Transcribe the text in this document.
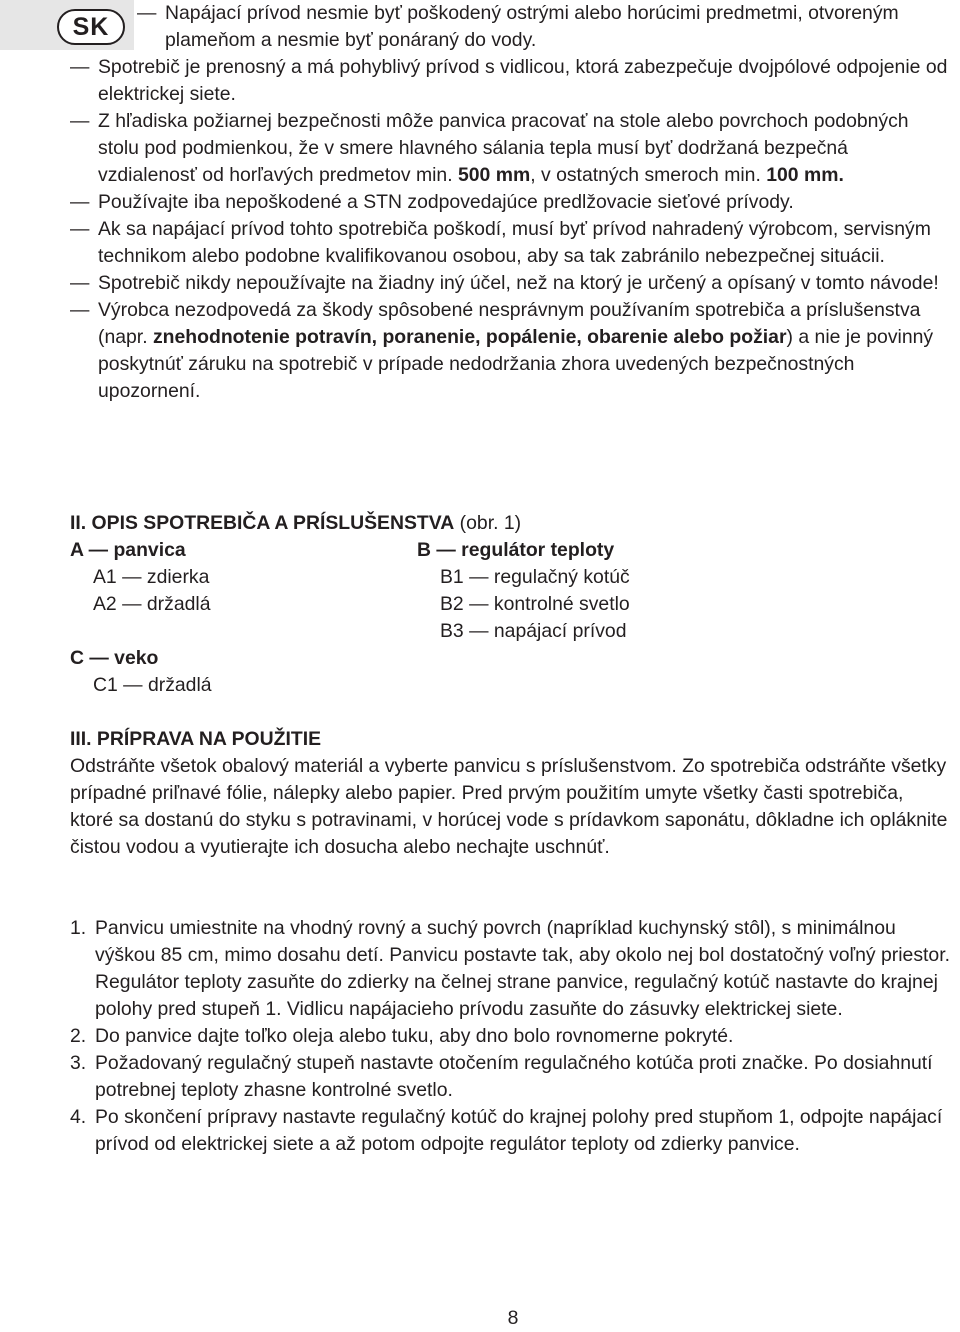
SK
—	Napájací prívod nesmie byť poškodený ostrými alebo horúcimi predmetmi, otvoreným plameňom a nesmie byť ponáraný do vody.
— Spotrebič je prenosný a má pohyblivý prívod s vidlicou, ktorá zabezpečuje dvojpólové odpojenie od elektrickej siete.
— Z hľadiska požiarnej bezpečnosti môže panvica pracovať na stole alebo povrchoch podobných stolu pod podmienkou, že v smere hlavného sálania tepla musí byť dodržaná bezpečná vzdialenosť od horľavých predmetov min. 500 mm, v ostatných smeroch min. 100 mm.
— Používajte iba nepoškodené a STN zodpovedajúce predlžovacie sieťové prívody.
— Ak sa napájací prívod tohto spotrebiča poškodí, musí byť prívod nahradený výrobcom, servisným technikom alebo podobne kvalifikovanou osobou, aby sa tak zabránilo nebezpečnej situácii.
— Spotrebič nikdy nepoužívajte na žiadny iný účel, než na ktorý je určený a opísaný v tomto návode!
— Výrobca nezodpovedá za škody spôsobené nesprávnym používaním spotrebiča a príslušenstva (napr. znehodnotenie potravín, poranenie, popálenie, obarenie alebo požiar) a nie je povinný poskytnúť záruku na spotrebič v prípade nedodržania zhora uvedených bezpečnostných upozornení.
II. OPIS SPOTREBIČA A PRÍSLUŠENSTVA (obr. 1)
A — panvica	B — regulátor teploty
A1 — zdierka	B1 — regulačný kotúč
A2 — držadlá	B2 — kontrolné svetlo
B3 — napájací prívod
C — veko
C1 — držadlá
III. PRÍPRAVA NA POUŽITIE

Odstráňte všetok obalový materiál a vyberte panvicu s príslušenstvom. Zo spotrebiča odstráňte všetky prípadné priľnavé fólie, nálepky alebo papier. Pred prvým použitím umyte všetky časti spotrebiča, ktoré sa dostanú do styku s potravinami, v horúcej vode s prídavkom saponátu, dôkladne ich opláknite čistou vodou a vyutierajte ich dosucha alebo nechajte uschnúť.

1. Panvicu umiestnite na vhodný rovný a suchý povrch (napríklad kuchynský stôl), s minimálnou výškou 85 cm, mimo dosahu detí. Panvicu postavte tak, aby okolo nej bol dostatočný voľný priestor. Regulátor teploty zasuňte do zdierky na čelnej strane panvice, regulačný kotúč nastavte do krajnej polohy pred stupeň 1. Vidlicu napájacieho prívodu zasuňte do zásuvky elektrickej siete.
2. Do panvice dajte toľko oleja alebo tuku, aby dno bolo rovnomerne pokryté.
3. Požadovaný regulačný stupeň nastavte otočením regulačného kotúča proti značke. Po dosiahnutí potrebnej teploty zhasne kontrolné svetlo.
4. Po skončení prípravy nastavte regulačný kotúč do krajnej polohy pred stupňom 1, odpojte napájací prívod od elektrickej siete a až potom odpojte regulátor teploty od zdierky panvice.
8
